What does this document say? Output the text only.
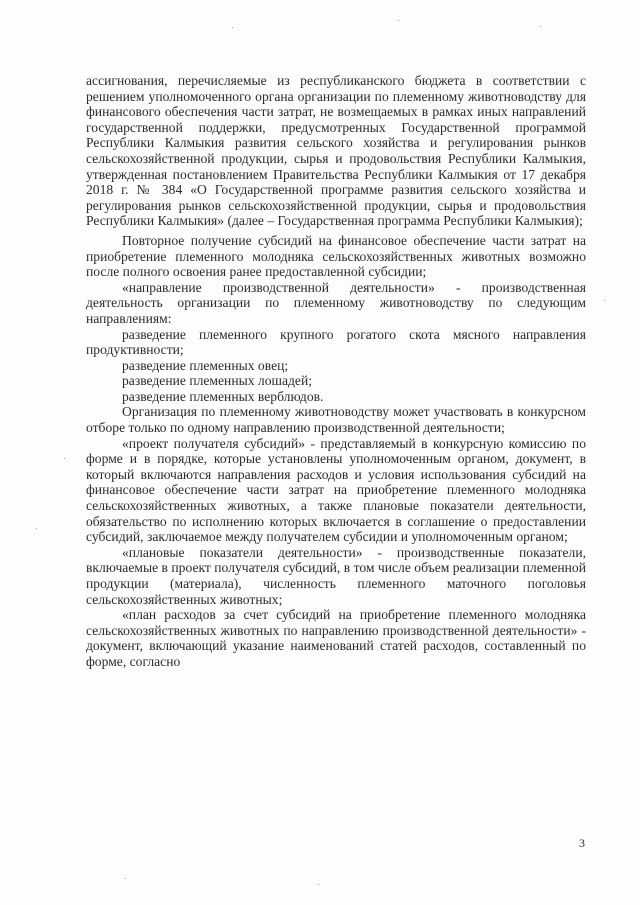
ассигнования, перечисляемые из республиканского бюджета в соответствии с решением уполномоченного органа организации по племенному животноводству для финансового обеспечения части затрат, не возмещаемых в рамках иных направлений государственной поддержки, предусмотренных Государственной программой Республики Калмыкия развития сельского хозяйства и регулирования рынков сельскохозяйственной продукции, сырья и продовольствия Республики Калмыкия, утвержденная постановлением Правительства Республики Калмыкия от 17 декабря 2018 г. № 384 «О Государственной программе развития сельского хозяйства и регулирования рынков сельскохозяйственной продукции, сырья и продовольствия Республики Калмыкия» (далее – Государственная программа Республики Калмыкия);

Повторное получение субсидий на финансовое обеспечение части затрат на приобретение племенного молодняка сельскохозяйственных животных возможно после полного освоения ранее предоставленной субсидии;

«направление производственной деятельности» - производственная деятельность организации по племенному животноводству по следующим направлениям:

разведение племенного крупного рогатого скота мясного направления продуктивности;

разведение племенных овец;

разведение племенных лошадей;

разведение племенных верблюдов.

Организация по племенному животноводству может участвовать в конкурсном отборе только по одному направлению производственной деятельности;

«проект получателя субсидий» - представляемый в конкурсную комиссию по форме и в порядке, которые установлены уполномоченным органом, документ, в который включаются направления расходов и условия использования субсидий на финансовое обеспечение части затрат на приобретение племенного молодняка сельскохозяйственных животных, а также плановые показатели деятельности, обязательство по исполнению которых включается в соглашение о предоставлении субсидий, заключаемое между получателем субсидии и уполномоченным органом;

«плановые показатели деятельности» - производственные показатели, включаемые в проект получателя субсидий, в том числе объем реализации племенной продукции (материала), численность племенного маточного поголовья сельскохозяйственных животных;

«план расходов за счет субсидий на приобретение племенного молодняка сельскохозяйственных животных по направлению производственной деятельности» - документ, включающий указание наименований статей расходов, составленный по форме, согласно

3
